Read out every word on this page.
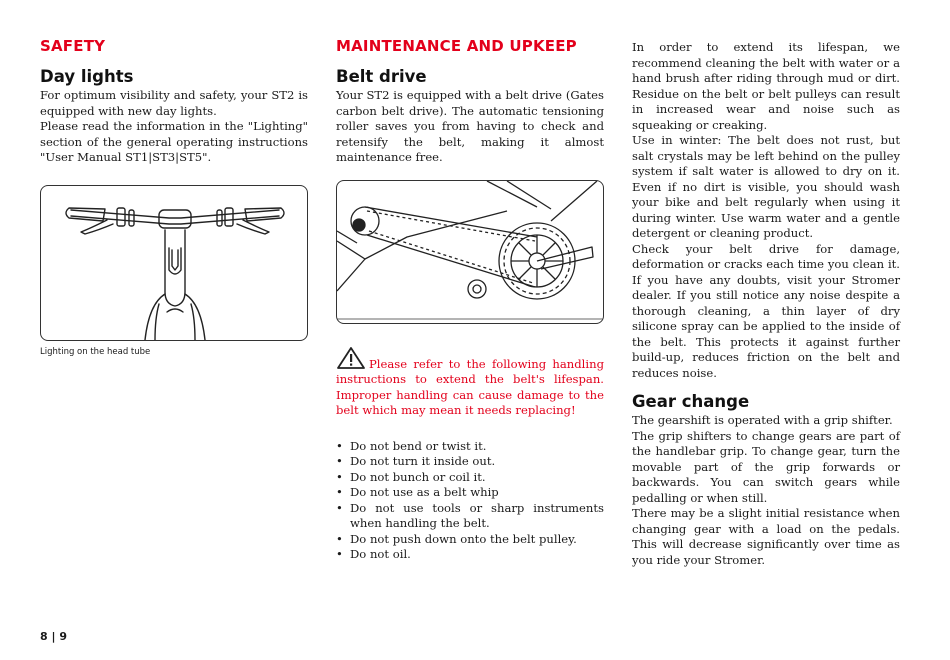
SAFETY
Day lights

For optimum visibility and safety, your ST2 is equipped with new day lights.

Please read the information in the "Lighting" section of the general operating instructions "User Manual ST1|ST3|ST5".

Lighting on the head tube
MAINTENANCE AND UPKEEP
Belt drive

Your ST2 is equipped with a belt drive (Gates carbon belt drive). The automatic tensioning roller saves you from having to check and retensify the belt, making it almost maintenance free.

Please refer to the following handling instructions to extend the belt's lifespan. Improper handling can cause damage to the belt which may mean it needs replacing!
• Do not bend or twist it.
• Do not turn it inside out.
• Do not bunch or coil it.
• Do not use as a belt whip
• Do not use tools or sharp instruments when handling the belt.
• Do not push down onto the belt pulley.
• Do not oil.

In order to extend its lifespan, we recommend cleaning the belt with water or a hand brush after riding through mud or dirt. Residue on the belt or belt pulleys can result in increased wear and noise such as squeaking or creaking.

Use in winter: The belt does not rust, but salt crystals may be left behind on the pulley system if salt water is allowed to dry on it. Even if no dirt is visible, you should wash your bike and belt regularly when using it during winter. Use warm water and a gentle detergent or cleaning product.

Check your belt drive for damage, deformation or cracks each time you clean it. If you have any doubts, visit your Stromer dealer. If you still notice any noise despite a thorough cleaning, a thin layer of dry silicone spray can be applied to the inside of the belt. This protects it against further build-up, reduces friction on the belt and reduces noise.

Gear change

The gearshift is operated with a grip shifter.

The grip shifters to change gears are part of the handlebar grip. To change gear, turn the movable part of the grip forwards or backwards. You can switch gears while pedalling or when still.

There may be a slight initial resistance when changing gear with a load on the pedals. This will decrease significantly over time as you ride your Stromer.

8 | 9
